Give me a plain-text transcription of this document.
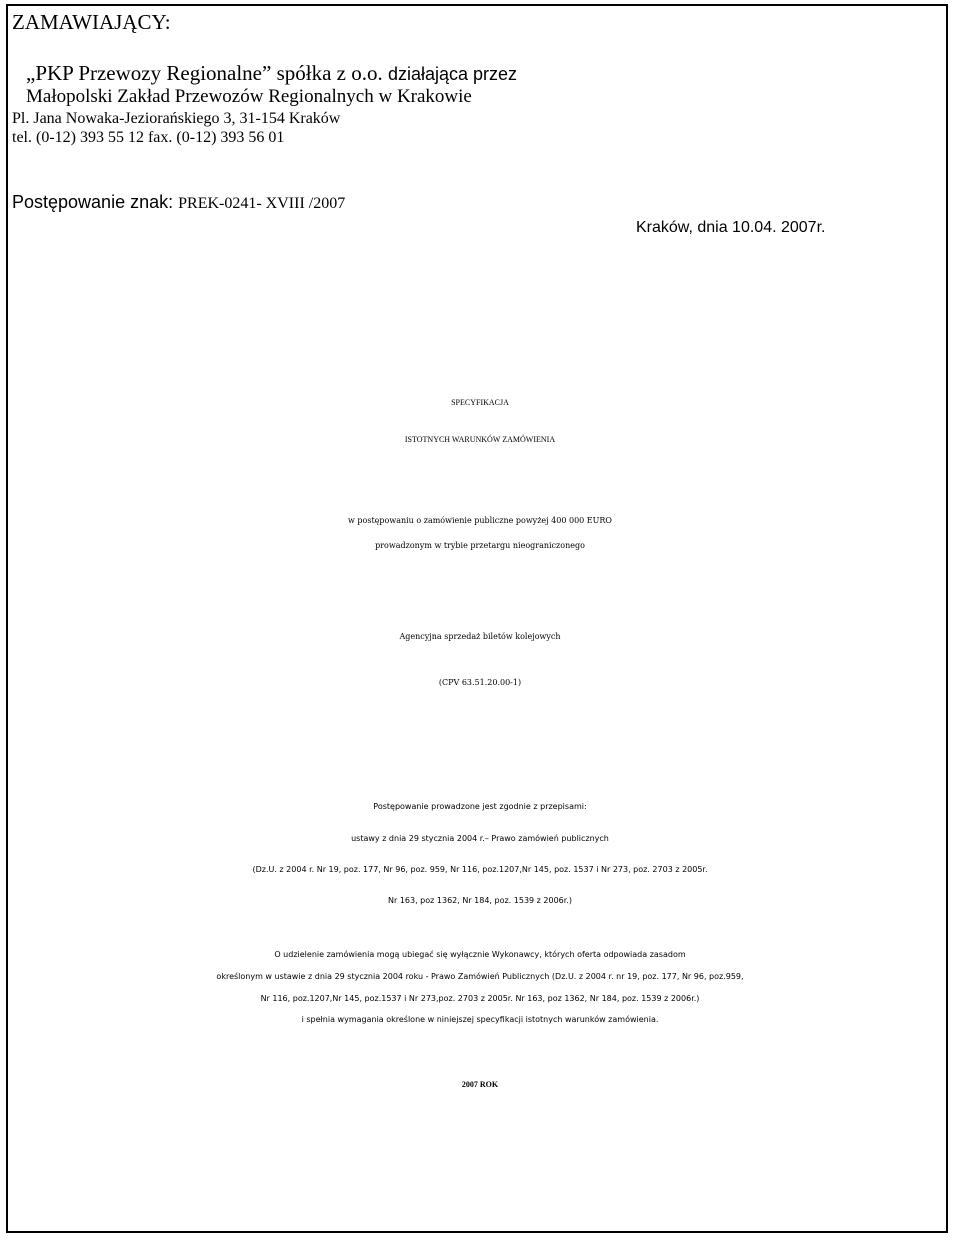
ZAMAWIAJĄCY:
„PKP Przewozy Regionalne” spółka z o.o. działająca przez
Małopolski Zakład Przewozów Regionalnych w Krakowie
Pl. Jana Nowaka-Jeziorańskiego 3, 31-154 Kraków
tel. (0-12) 393 55 12 fax. (0-12) 393 56 01
Postępowanie znak: PREK-0241- XVIII /2007
Kraków, dnia 10.04. 2007r.
SPECYFIKACJA
ISTOTNYCH WARUNKÓW ZAMÓWIENIA
w postępowaniu o zamówienie publiczne powyżej 400 000 EURO
prowadzonym w trybie przetargu nieograniczonego
Agencyjna sprzedaż biletów kolejowych
(CPV 63.51.20.00-1)
Postępowanie prowadzone jest zgodnie z przepisami:
ustawy z dnia 29 stycznia 2004 r.– Prawo zamówień publicznych
(Dz.U. z 2004 r. Nr 19, poz. 177, Nr 96, poz. 959, Nr 116, poz.1207,Nr 145, poz. 1537 i Nr 273, poz. 2703 z 2005r.
Nr 163, poz 1362, Nr 184, poz. 1539 z 2006r.)
O udzielenie zamówienia mogą ubiegać się wyłącznie Wykonawcy, których oferta odpowiada zasadom
określonym w ustawie z dnia 29 stycznia 2004 roku - Prawo Zamówień Publicznych (Dz.U. z 2004 r. nr 19, poz. 177, Nr 96, poz.959,
Nr 116, poz.1207,Nr 145, poz.1537 i Nr 273,poz. 2703 z 2005r. Nr 163, poz 1362, Nr 184, poz. 1539 z 2006r.)
i spełnia wymagania określone w niniejszej specyfikacji istotnych warunków zamówienia.
2007 ROK
